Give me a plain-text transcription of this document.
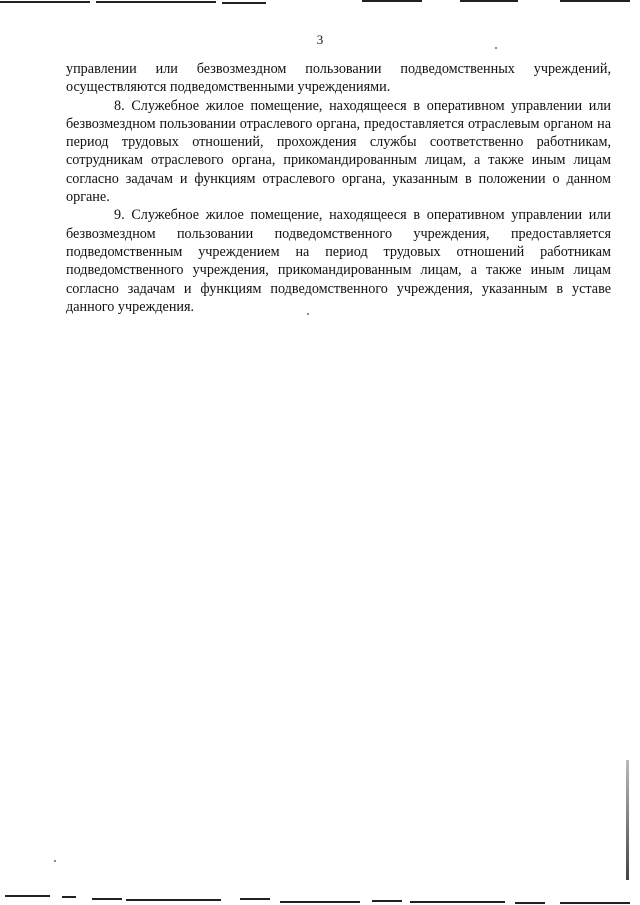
3

управлении или безвозмездном пользовании подведомственных учреждений, осуществляются подведомственными учреждениями.

8. Служебное жилое помещение, находящееся в оперативном управлении или безвозмездном пользовании отраслевого органа, предоставляется отраслевым органом на период трудовых отношений, прохождения службы соответственно работникам, сотрудникам отраслевого органа, прикомандированным лицам, а также иным лицам согласно задачам и функциям отраслевого органа, указанным в положении о данном органе.

9. Служебное жилое помещение, находящееся в оперативном управлении или безвозмездном пользовании подведомственного учреждения, предоставляется подведомственным учреждением на период трудовых отношений работникам подведомственного учреждения, прикомандированным лицам, а также иным лицам согласно задачам и функциям подведомственного учреждения, указанным в уставе данного учреждения.
